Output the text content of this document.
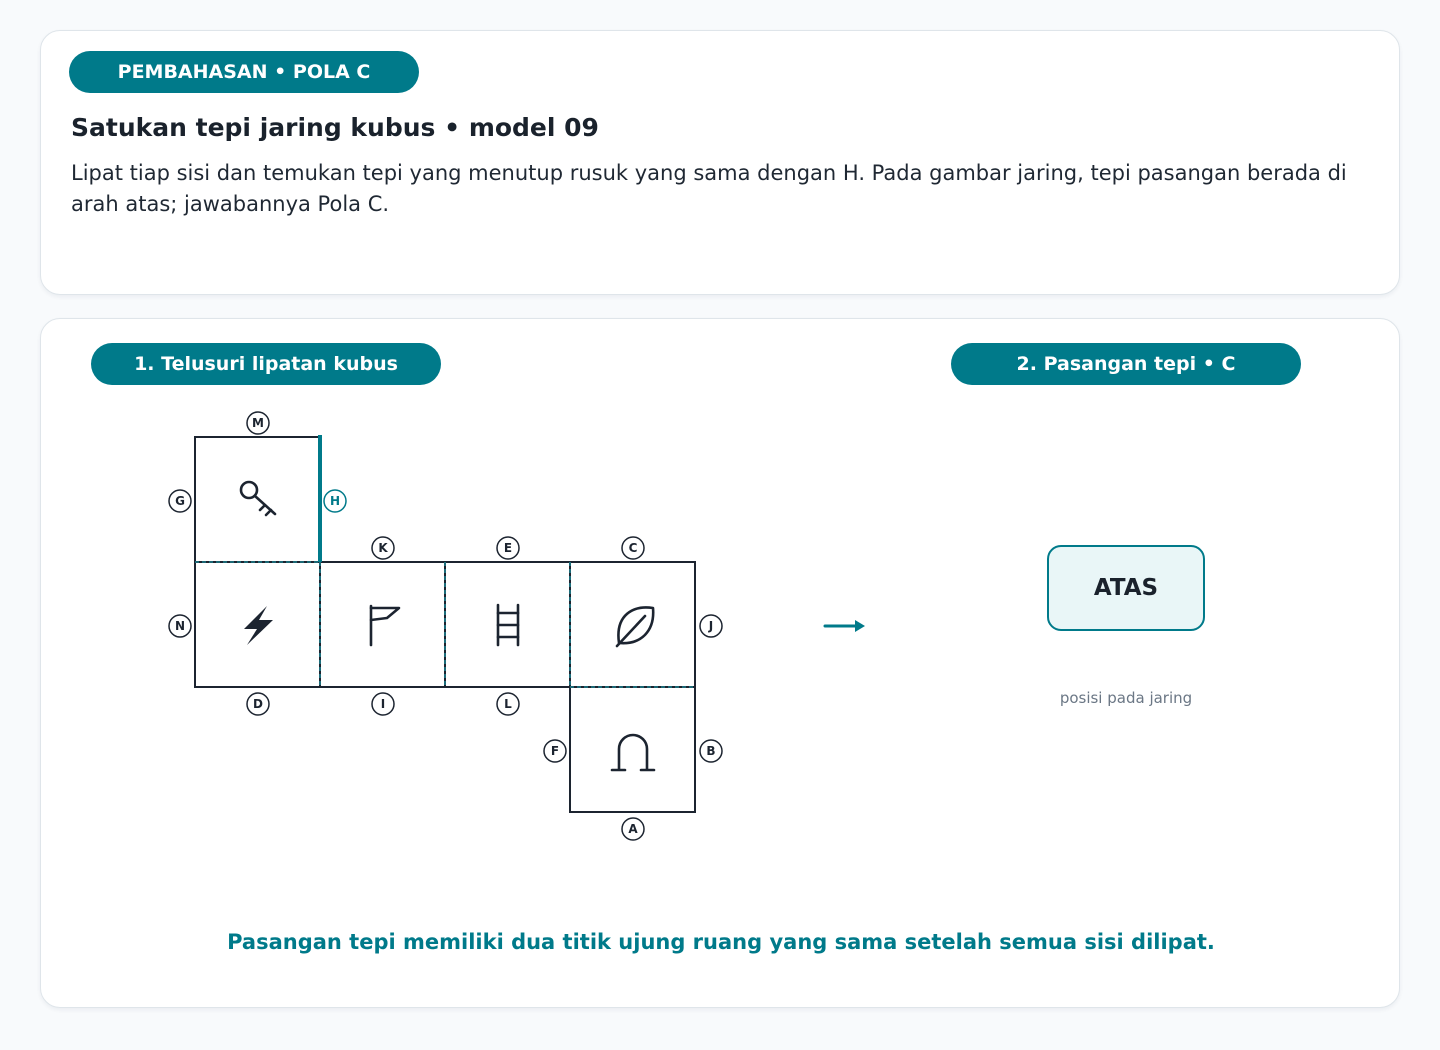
PEMBAHASAN • POLA C
Satukan tepi jaring kubus • model 09
Lipat tiap sisi dan temukan tepi yang menutup rusuk yang sama dengan H. Pada gambar jaring, tepi pasangan berada di arah atas; jawabannya Pola C.
1. Telusuri lipatan kubus	2. Pasangan tepi • C
M
G	H
K	E	C
N	J
D	I	L
F	B
A
ATAS
posisi pada jaring
Pasangan tepi memiliki dua titik ujung ruang yang sama setelah semua sisi dilipat.
